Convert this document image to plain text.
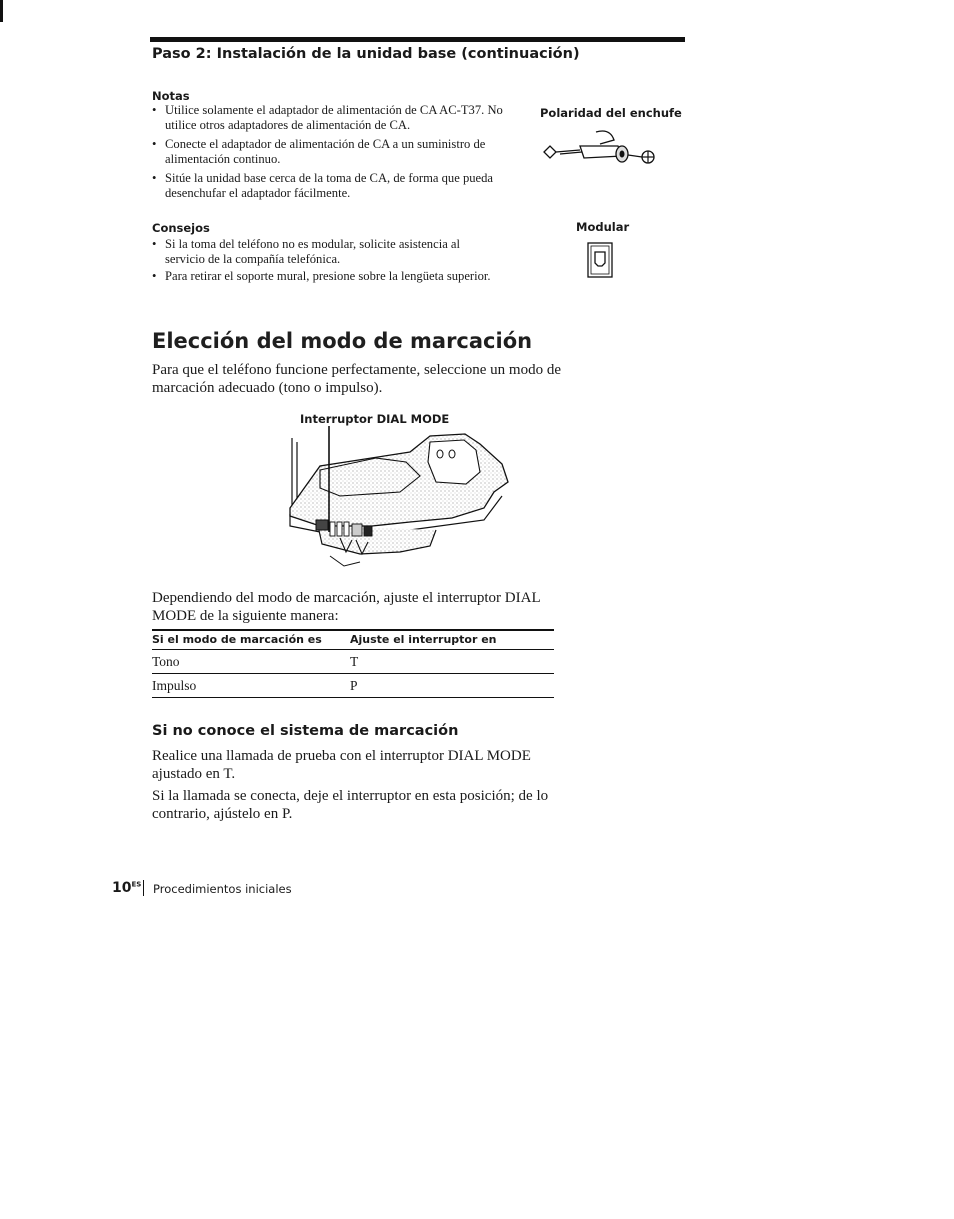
Paso 2: Instalación de la unidad base (continuación)
Notas
• Utilice solamente el adaptador de alimentación de CA AC-T37. No utilice otros adaptadores de alimentación de CA.
• Conecte el adaptador de alimentación de CA a un suministro de alimentación continuo.
• Sitúe la unidad base cerca de la toma de CA, de forma que pueda desenchufar el adaptador fácilmente.
Polaridad del enchufe
Consejos
• Si la toma del teléfono no es modular, solicite asistencia al servicio de la compañía telefónica.
• Para retirar el soporte mural, presione sobre la lengüeta superior.
Modular
Elección del modo de marcación
Para que el teléfono funcione perfectamente, seleccione un modo de marcación adecuado (tono o impulso).
Interruptor DIAL MODE
Dependiendo del modo de marcación, ajuste el interruptor DIAL MODE de la siguiente manera:
Si el modo de marcación es	Ajuste el interruptor en
Tono	T
Impulso	P
Si no conoce el sistema de marcación
Realice una llamada de prueba con el interruptor DIAL MODE ajustado en T.
Si la llamada se conecta, deje el interruptor en esta posición; de lo contrario, ajústelo en P.
$10^{ES}$ Procedimientos iniciales
